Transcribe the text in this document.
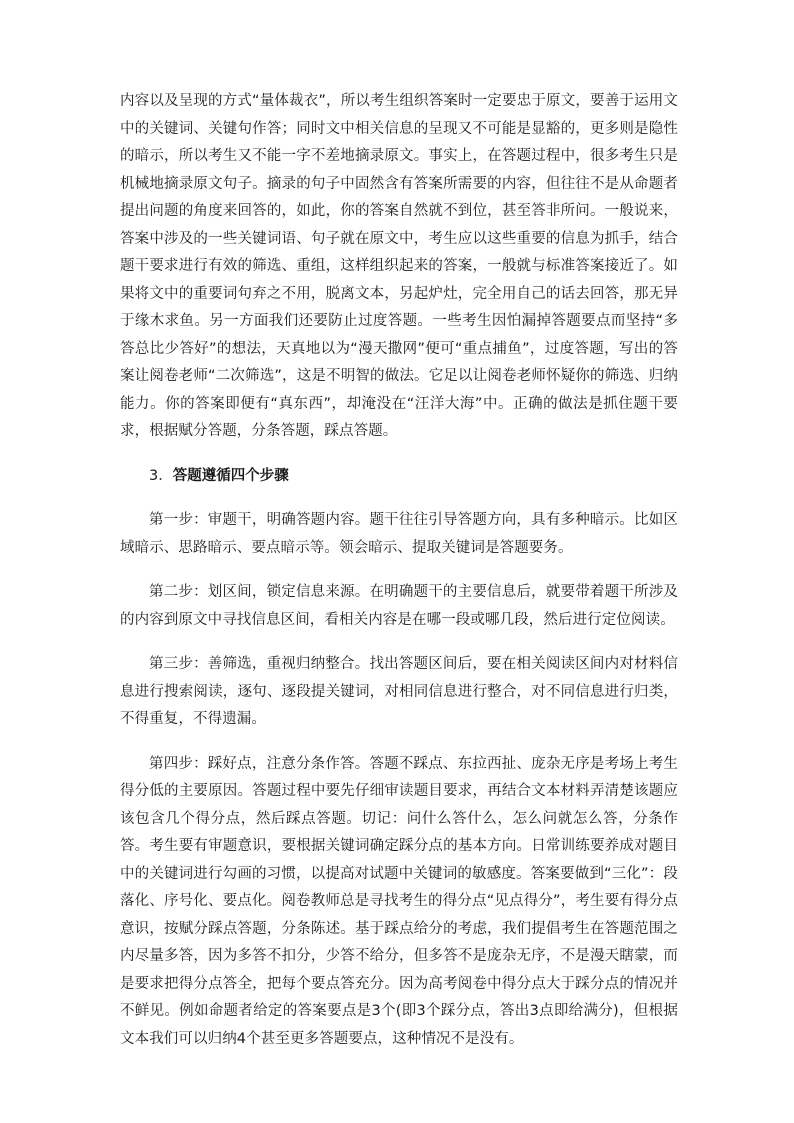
内容以及呈现的方式“量体裁衣”，所以考生组织答案时一定要忠于原文，要善于运用文中的关键词、关键句作答；同时文中相关信息的呈现又不可能是显豁的，更多则是隐性的暗示，所以考生又不能一字不差地摘录原文。事实上，在答题过程中，很多考生只是机械地摘录原文句子。摘录的句子中固然含有答案所需要的内容，但往往不是从命题者提出问题的角度来回答的，如此，你的答案自然就不到位，甚至答非所问。一般说来，答案中涉及的一些关键词语、句子就在原文中，考生应以这些重要的信息为抓手，结合题干要求进行有效的筛选、重组，这样组织起来的答案，一般就与标准答案接近了。如果将文中的重要词句弃之不用，脱离文本，另起炉灶，完全用自己的话去回答，那无异于缘木求鱼。另一方面我们还要防止过度答题。一些考生因怕漏掉答题要点而坚持“多答总比少答好”的想法，天真地以为“漫天撒网”便可“重点捕鱼”，过度答题，写出的答案让阅卷老师“二次筛选”，这是不明智的做法。它足以让阅卷老师怀疑你的筛选、归纳能力。你的答案即便有“真东西”，却淹没在“汪洋大海”中。正确的做法是抓住题干要求，根据赋分答题，分条答题，踩点答题。

3．答题遵循四个步骤

第一步：审题干，明确答题内容。题干往往引导答题方向，具有多种暗示。比如区域暗示、思路暗示、要点暗示等。领会暗示、提取关键词是答题要务。

第二步：划区间，锁定信息来源。在明确题干的主要信息后，就要带着题干所涉及的内容到原文中寻找信息区间，看相关内容是在哪一段或哪几段，然后进行定位阅读。

第三步：善筛选，重视归纳整合。找出答题区间后，要在相关阅读区间内对材料信息进行搜索阅读，逐句、逐段提关键词，对相同信息进行整合，对不同信息进行归类，不得重复，不得遗漏。

第四步：踩好点，注意分条作答。答题不踩点、东拉西扯、庞杂无序是考场上考生得分低的主要原因。答题过程中要先仔细审读题目要求，再结合文本材料弄清楚该题应该包含几个得分点，然后踩点答题。切记：问什么答什么，怎么问就怎么答，分条作答。考生要有审题意识，要根据关键词确定踩分点的基本方向。日常训练要养成对题目中的关键词进行勾画的习惯，以提高对试题中关键词的敏感度。答案要做到“三化”：段落化、序号化、要点化。阅卷教师总是寻找考生的得分点“见点得分”，考生要有得分点意识，按赋分踩点答题，分条陈述。基于踩点给分的考虑，我们提倡考生在答题范围之内尽量多答，因为多答不扣分，少答不给分，但多答不是庞杂无序，不是漫天瞎蒙，而是要求把得分点答全，把每个要点答充分。因为高考阅卷中得分点大于踩分点的情况并不鲜见。例如命题者给定的答案要点是3个(即3个踩分点，答出3点即给满分)，但根据文本我们可以归纳4个甚至更多答题要点，这种情况不是没有。
